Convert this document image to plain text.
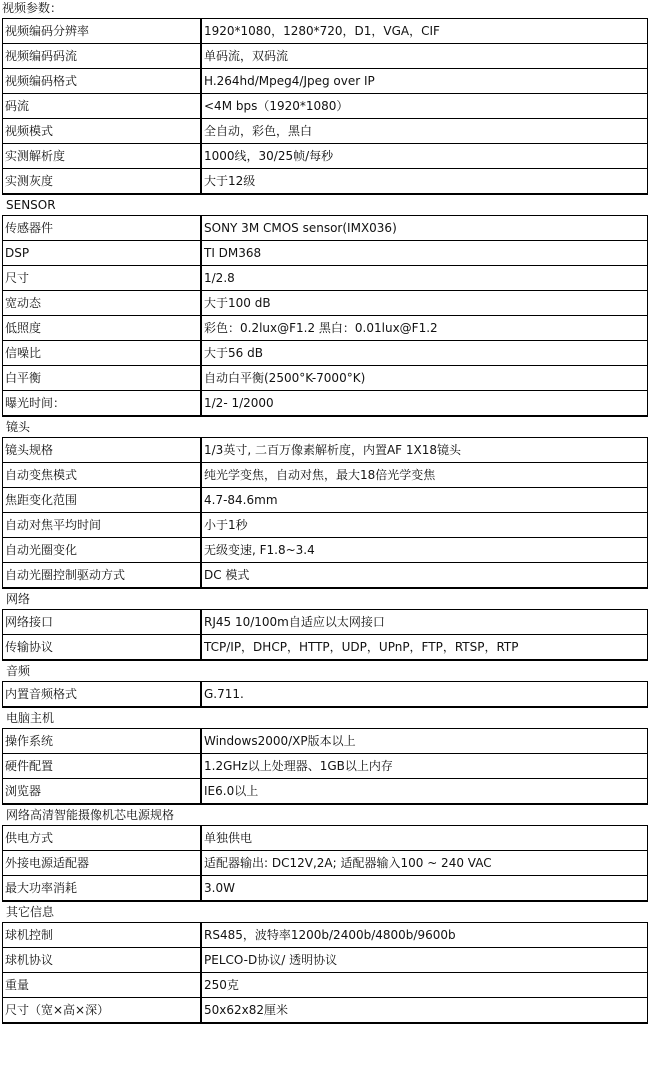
视频参数：
视频编码分辨率	1920*1080，1280*720，D1，VGA，CIF
视频编码码流	单码流，双码流
视频编码格式	H.264hd/Mpeg4/Jpeg over IP
码流	<4M bps（1920*1080）
视频模式	全自动，彩色，黑白
实测解析度	1000线，30/25帧/每秒
实测灰度	大于12级
SENSOR
传感器件	SONY 3M CMOS sensor(IMX036)
DSP	TI DM368
尺寸	1/2.8
宽动态	大于100 dB
低照度	彩色：0.2lux@F1.2 黑白：0.01lux@F1.2
信噪比	大于56 dB
白平衡	自动白平衡(2500°K-7000°K)
曝光时间：	1/2- 1/2000
镜头
镜头规格	1/3英寸, 二百万像素解析度，内置AF 1X18镜头
自动变焦模式	纯光学变焦，自动对焦，最大18倍光学变焦
焦距变化范围	4.7-84.6mm
自动对焦平均时间	小于1秒
自动光圈变化	无级变速, F1.8~3.4
自动光圈控制驱动方式	DC 模式
网络
网络接口	RJ45 10/100m自适应以太网接口
传输协议	TCP/IP，DHCP，HTTP，UDP，UPnP，FTP，RTSP，RTP
音频
内置音频格式	G.711.
电脑主机
操作系统	Windows2000/XP版本以上
硬件配置	1.2GHz以上处理器、1GB以上内存
浏览器	IE6.0以上
网络高清智能摄像机芯电源规格
供电方式	单独供电
外接电源适配器	适配器输出: DC12V,2A; 适配器输入100 ~ 240 VAC
最大功率消耗	3.0W
其它信息
球机控制	RS485，波特率1200b/2400b/4800b/9600b
球机协议	PELCO-D协议/ 透明协议
重量	250克
尺寸（宽×高×深）	50x62x82厘米
